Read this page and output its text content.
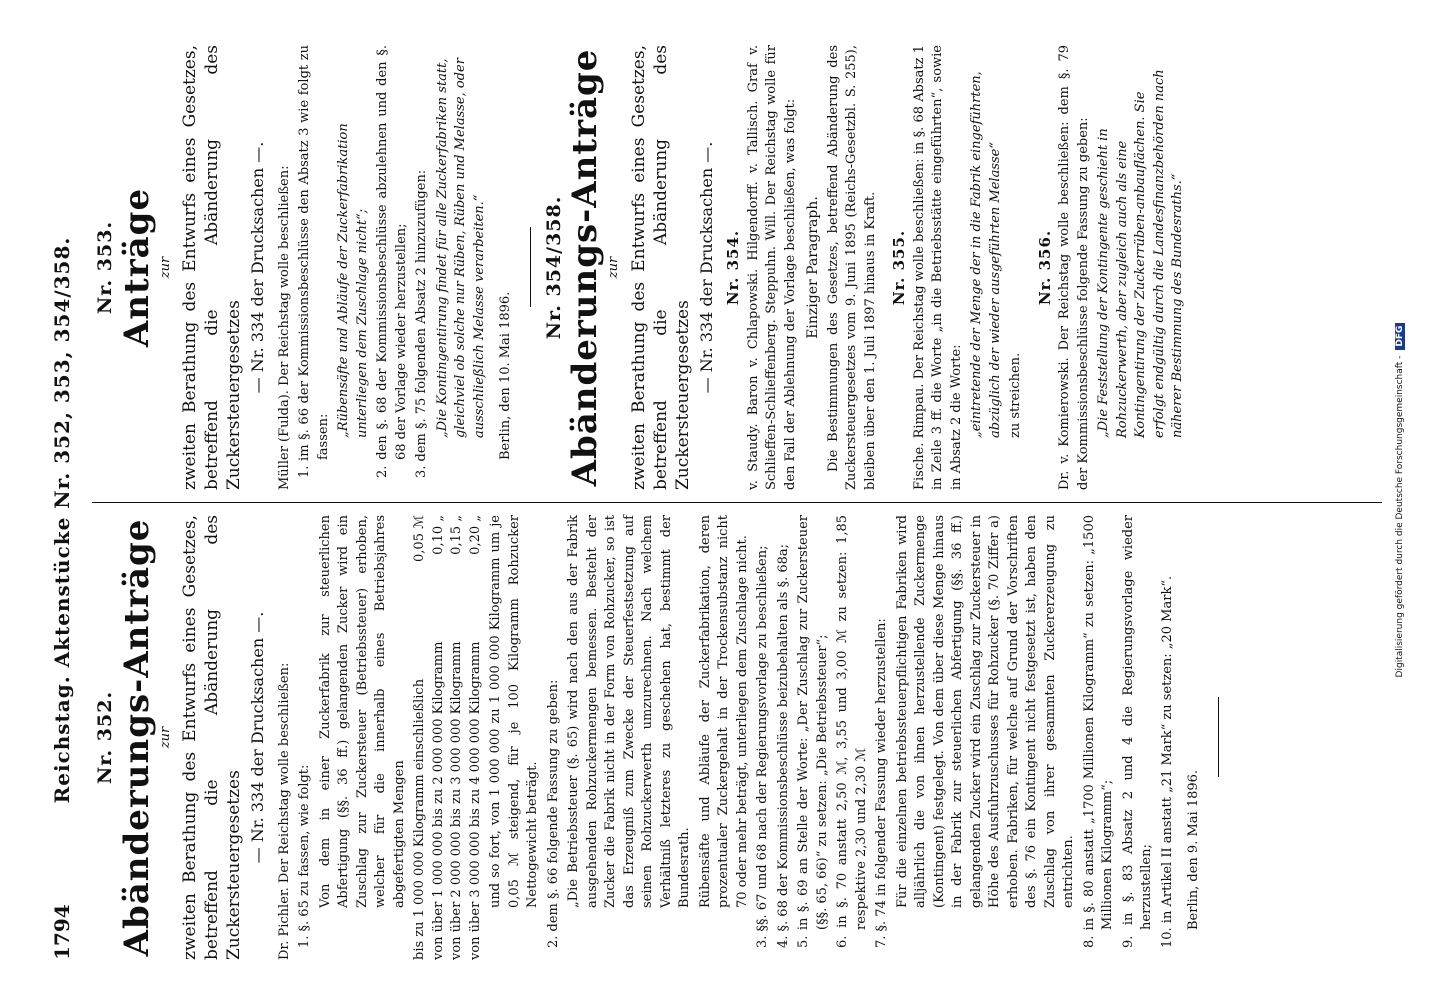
1794
Reichstag. Aktenstücke Nr. 352, 353, 354/358. Nr. 352. Abänderungs-Anträge zur zweiten Berathung des Entwurfs eines Gesetzes, betreffend die Abänderung des Zuckersteuergesetzes
— Nr. 334 der Drucksachen —. Dr. Pichler. Der Reichstag wolle beschließen: 1. §. 65 zu fassen, wie folgt: Von dem in einer Zuckerfabrik zur steuerlichen Abfertigung (§§. 36 ff.) gelangenden Zucker wird ein Zuschlag zur Zuckersteuer (Betriebssteuer) erhoben, welcher für die innerhalb eines Betriebsjahres abgefertigten Mengen bis zu 1 000 000 Kilogramm einschließlich	0,05 ℳ
von über 1 000 000 bis zu 2 000 000 Kilogramm	0,10 „
von über 2 000 000 bis zu 3 000 000 Kilogramm	0,15 „
von über 3 000 000 bis zu 4 000 000 Kilogramm	0,20 „ und so fort, von 1 000 000 zu 1 000 000 Kilogramm um je 0,05 ℳ steigend, für je 100 Kilogramm Rohzucker Nettogewicht beträgt. 2. dem §. 66 folgende Fassung zu geben: „Die Betriebssteuer (§. 65) wird nach den aus der Fabrik ausgehenden Rohzuckermengen bemessen. Besteht der Zucker die Fabrik nicht in der Form von Rohzucker, so ist das Erzeugniß zum Zwecke der Steuerfestsetzung auf seinen Rohzuckerwerth umzurechnen. Nach welchem Verhältniß letzteres zu geschehen hat, bestimmt der Bundesrath. Rübensäfte und Abläufe der Zuckerfabrikation, deren prozentualer Zuckergehalt in der Trockensubstanz nicht 70 oder mehr beträgt, unterliegen dem Zuschlage nicht. 3. §§. 67 und 68 nach der Regierungsvorlage zu beschließen; 4. §. 68 der Kommissionsbeschlüsse beizubehalten als §. 68a; 5. in §. 69 an Stelle der Worte: „Der Zuschlag zur Zuckersteuer (§§. 65, 66)“ zu setzen: „Die Betriebssteuer“; 6. in §. 70 anstatt 2,50 ℳ, 3,55 und 3,00 ℳ zu setzen: 1,85 respektive 2,30 und 2,30 ℳ 7. §. 74 in folgender Fassung wieder herzustellen: Für die einzelnen betriebssteuerpflichtigen Fabriken wird alljährlich die von ihnen herzustellende Zuckermenge (Kontingent) festgelegt. Von dem über diese Menge hinaus in der Fabrik zur steuerlichen Abfertigung (§§. 36 ff.) gelangenden Zucker wird ein Zuschlag zur Zuckersteuer in Höhe des Ausfuhrzuschusses für Rohzucker (§. 70 Ziffer a) erhoben. Fabriken, für welche auf Grund der Vorschriften des §. 76 ein Kontingent nicht festgesetzt ist, haben den Zuschlag von ihrer gesammten Zuckererzeugung zu entrichten. 8. in §. 80 anstatt „1700 Millionen Kilogramm“ zu setzen: „1500 Millionen Kilogramm“; 9. in §. 83 Absatz 2 und 4 die Regierungsvorlage wieder herzustellen; 10. in Artikel II anstatt „21 Mark“ zu setzen: „20 Mark“. Berlin, den 9. Mai 1896.
Nr. 353. Anträge zur zweiten Berathung des Entwurfs eines Gesetzes, betreffend die Abänderung des Zuckersteuergesetzes
— Nr. 334 der Drucksachen —. Müller (Fulda). Der Reichstag wolle beschließen: 1. im §. 66 der Kommissionsbeschlüsse den Absatz 3 wie folgt zu fassen: „Rübensäfte und Abläufe der Zuckerfabrikation unterliegen dem Zuschlage nicht“; 2. den §. 68 der Kommissionsbeschlüsse abzulehnen und den §. 68 der Vorlage wieder herzustellen; 3. dem §. 75 folgenden Absatz 2 hinzuzufügen: „Die Kontingentirung findet für alle Zuckerfabriken statt, gleichviel ob solche nur Rüben, Rüben und Melasse, oder ausschließlich Melasse verarbeiten.“ Berlin, den 10. Mai 1896.
Nr. 354/358. Abänderungs-Anträge zur zweiten Berathung des Entwurfs eines Gesetzes, betreffend die Abänderung des Zuckersteuergesetzes
— Nr. 334 der Drucksachen —. Nr. 354. v. Staudy. Baron v. Chlapowski. Hilgendorff. v. Tallisch. Graf v. Schlieffen-Schlieffenberg. Steppuhn. Will. Der Reichstag wolle für den Fall der Ablehnung der Vorlage beschließen, was folgt: Einziger Paragraph. Die Bestimmungen des Gesetzes, betreffend Abänderung des Zuckersteuergesetzes vom 9. Juni 1895 (Reichs-Gesetzbl. S. 255), bleiben über den 1. Juli 1897 hinaus in Kraft. Nr. 355. Fische. Rimpau. Der Reichstag wolle beschließen: in §. 68 Absatz 1 in Zeile 3 ff. die Worte „in die Betriebsstätte eingeführten“, sowie in Absatz 2 die Worte: „eintretende der Menge der in die Fabrik eingeführten, abzüglich der wieder ausgeführten Melasse“ zu streichen.
Nr. 356. Dr. v. Komierowski. Der Reichstag wolle beschließen: dem §. 79 der Kommissionsbeschlüsse folgende Fassung zu geben: „Die Feststellung der Kontingente geschieht in Rohzuckerwerth, aber zugleich auch als eine Kontingentirung der Zuckerrüben-anbauflächen. Sie erfolgt endgültig durch die Landesfinanzbehörden nach näherer Bestimmung des Bundesraths.“
Digitalisierung gefördert durch die Deutsche Forschungsgemeinschaft -DFG
